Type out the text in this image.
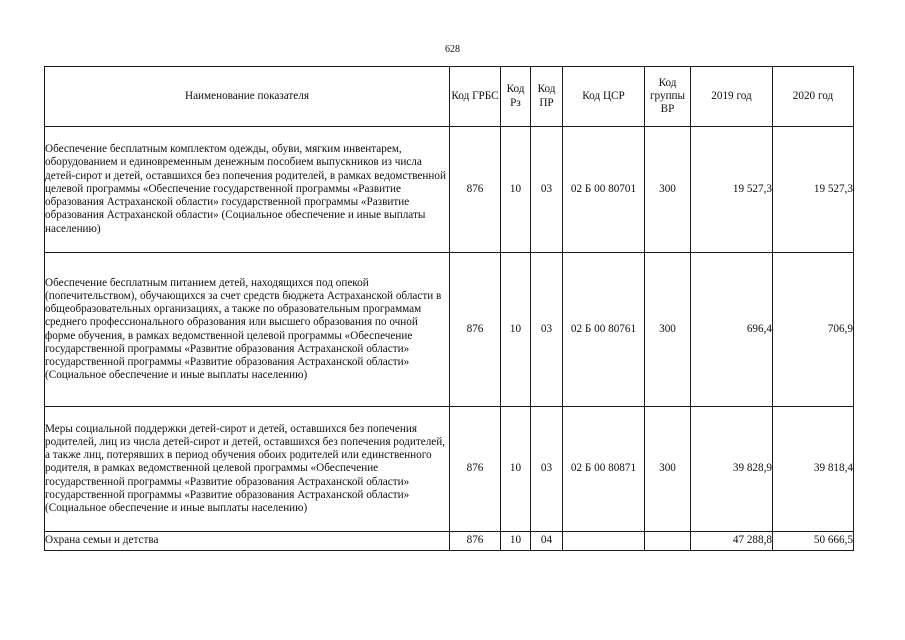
628
Наименование показателя	Код ГРБС	Код Рз	Код ПР	Код ЦСР	Код группы ВР	2019 год	2020 год
Обеспечение бесплатным комплектом одежды, обуви, мягким инвентарем, оборудованием и единовременным денежным пособием выпускников из числа детей-сирот и детей, оставшихся без попечения родителей, в рамках ведомственной целевой программы «Обеспечение государственной программы «Развитие образования Астраханской области» государственной программы «Развитие образования Астраханской области» (Социальное обеспечение и иные выплаты населению)	876	10	03	02 Б 00 80701	300	19 527,3	19 527,3
Обеспечение бесплатным питанием детей, находящихся под опекой (попечительством), обучающихся за счет средств бюджета Астраханской области в общеобразовательных организациях, а также по образовательным программам среднего профессионального образования или высшего образования по очной форме обучения, в рамках ведомственной целевой программы «Обеспечение государственной программы «Развитие образования Астраханской области» государственной программы «Развитие образования Астраханской области» (Социальное обеспечение и иные выплаты населению)	876	10	03	02 Б 00 80761	300	696,4	706,9
Меры социальной поддержки детей-сирот и детей, оставшихся без попечения родителей, лиц из числа детей-сирот и детей, оставшихся без попечения родителей, а также лиц, потерявших в период обучения обоих родителей или единственного родителя, в рамках ведомственной целевой программы «Обеспечение государственной программы «Развитие образования Астраханской области» государственной программы «Развитие образования Астраханской области» (Социальное обеспечение и иные выплаты населению)	876	10	03	02 Б 00 80871	300	39 828,9	39 818,4
Охрана семьи и детства	876	10	04			47 288,8	50 666,5
